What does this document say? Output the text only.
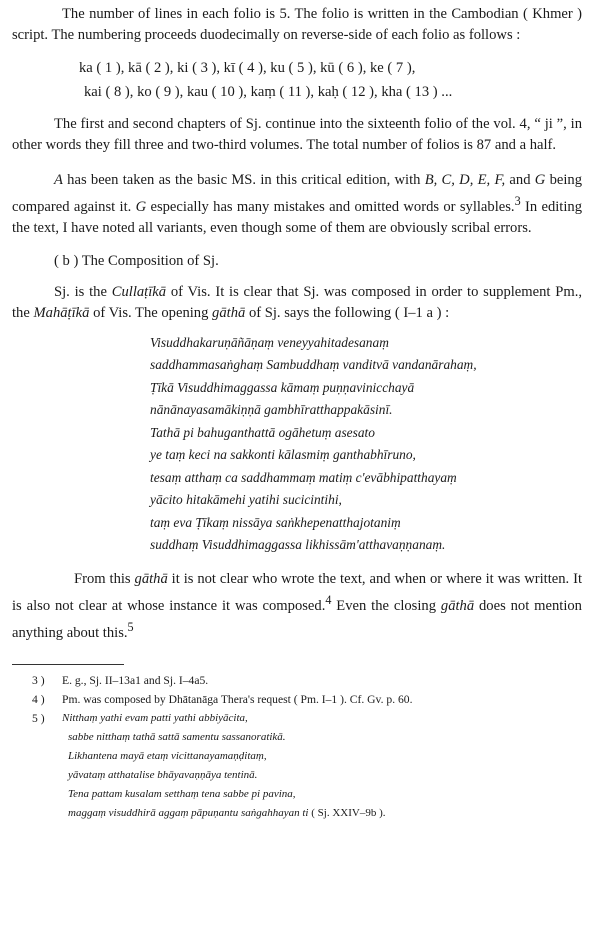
The number of lines in each folio is 5. The folio is written in the Cambodian ( Khmer ) script. The numbering proceeds duodecimally on reverse-side of each folio as follows :

ka ( 1 ), kā ( 2 ), ki ( 3 ), kī ( 4 ), ku ( 5 ), kū ( 6 ), ke ( 7 ),
kai ( 8 ), ko ( 9 ), kau ( 10 ), kaṃ ( 11 ), kaḥ ( 12 ), kha ( 13 ) ...

The first and second chapters of Sj. continue into the sixteenth folio of the vol. 4, “ ji ”, in other words they fill three and two-third volumes. The total number of folios is 87 and a half.

A has been taken as the basic MS. in this critical edition, with B, C, D, E, F, and G being compared against it. G especially has many mistakes and omitted words or syllables.$^3$ In editing the text, I have noted all variants, even though some of them are obviously scribal errors.

( b ) The Composition of Sj.

Sj. is the Cullaṭīkā of Vis. It is clear that Sj. was composed in order to supplement Pm., the Mahāṭīkā of Vis. The opening gāthā of Sj. says the following ( I–1 a ) :

Visuddhakaruṇāñāṇaṃ veneyyahitadesanaṃ
saddhammasaṅghaṃ Sambuddhaṃ vanditvā vandanārahaṃ,
Ṭīkā Visuddhimaggassa kāmaṃ puṇṇavinicchayā
nānānayasamākiṇṇā gambhīratthappakāsinī.
Tathā pi bahuganthattā ogāhetuṃ asesato
ye taṃ keci na sakkonti kālasmiṃ ganthabhīruno,
tesaṃ atthaṃ ca saddhammaṃ matiṃ c'evābhipatthayaṃ
yācito hitakāmehi yatihi sucicintihi,
taṃ eva Ṭīkaṃ nissāya saṅkhepenatthajotaniṃ
suddhaṃ Visuddhimaggassa likhissām'atthavaṇṇanaṃ.

From this gāthā it is not clear who wrote the text, and when or where it was written. It is also not clear at whose instance it was composed.$^4$ Even the closing gāthā does not mention anything about this.$^5$

3 )	E. g., Sj. II–13a1 and Sj. I–4a5.
4 )	Pm. was composed by Dhātanāga Thera's request ( Pm. I–1 ). Cf. Gv. p. 60.
5 )	Nitthaṃ yathi evam patti yathi abbiyācita,
sabbe nitthaṃ tathā sattā samentu sassanoratikā.
Likhantena mayā etaṃ vicittanayamaṇḍitaṃ,
yāvataṃ atthatalise bhāyavaṇṇāya tentinā.
Tena pattam kusalam setthaṃ tena sabbe pi pavina,
maggaṃ visuddhirā aggaṃ pāpuṇantu saṅgahhayan ti ( Sj. XXIV–9b ).
